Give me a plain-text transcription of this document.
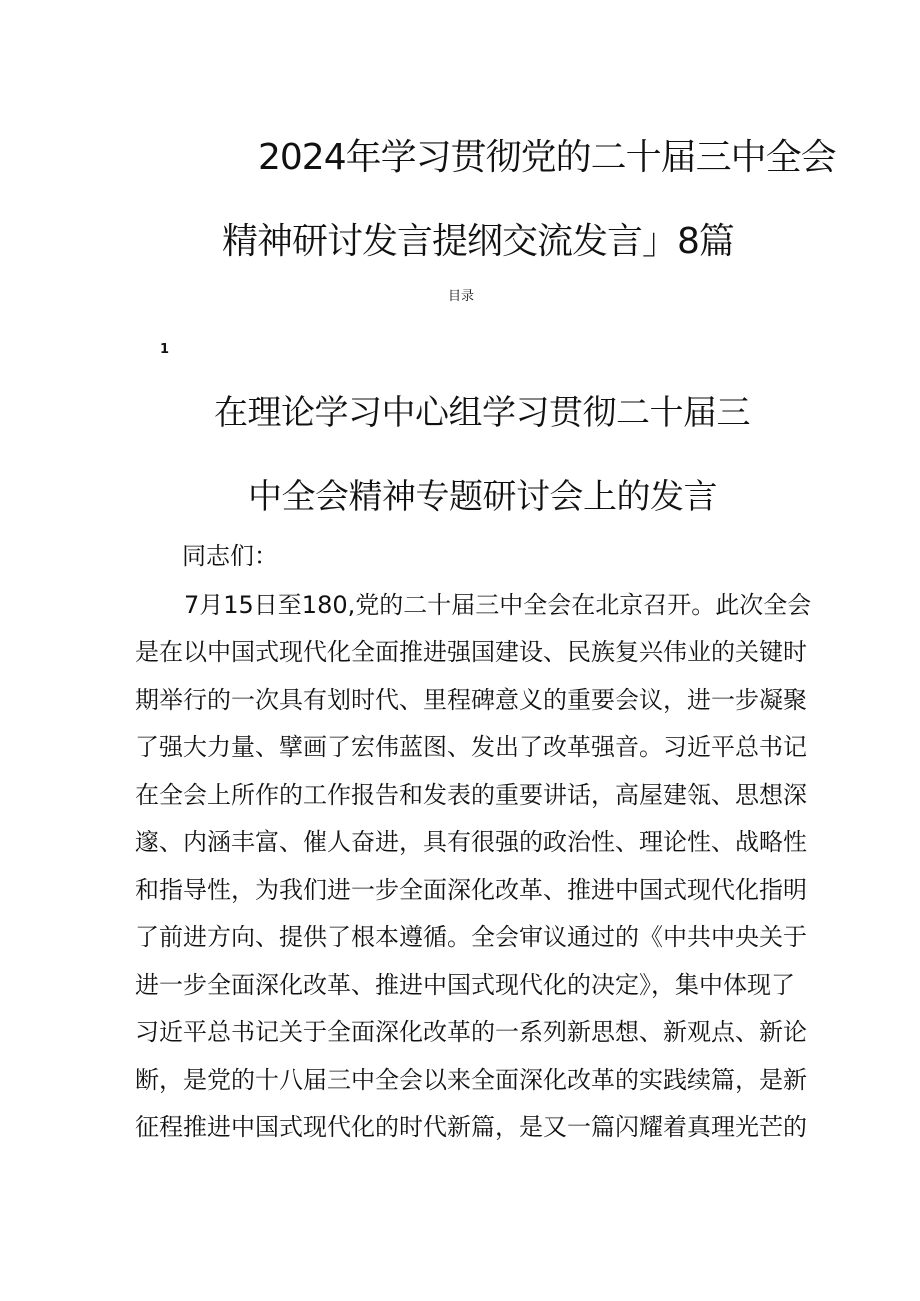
2024年学习贯彻党的二十届三中全会
精神研讨发言提纲交流发言」8篇
目录
1
在理论学习中心组学习贯彻二十届三
中全会精神专题研讨会上的发言
同志们：
7月15日至180,党的二十届三中全会在北京召开。此次全会
是在以中国式现代化全面推进强国建设、民族复兴伟业的关键时
期举行的一次具有划时代、里程碑意义的重要会议，进一步凝聚
了强大力量、擘画了宏伟蓝图、发出了改革强音。习近平总书记
在全会上所作的工作报告和发表的重要讲话，高屋建瓴、思想深
邃、内涵丰富、催人奋进，具有很强的政治性、理论性、战略性
和指导性，为我们进一步全面深化改革、推进中国式现代化指明
了前进方向、提供了根本遵循。全会审议通过的《中共中央关于
进一步全面深化改革、推进中国式现代化的决定》，集中体现了
习近平总书记关于全面深化改革的一系列新思想、新观点、新论
断，是党的十八届三中全会以来全面深化改革的实践续篇，是新
征程推进中国式现代化的时代新篇，是又一篇闪耀着真理光芒的
